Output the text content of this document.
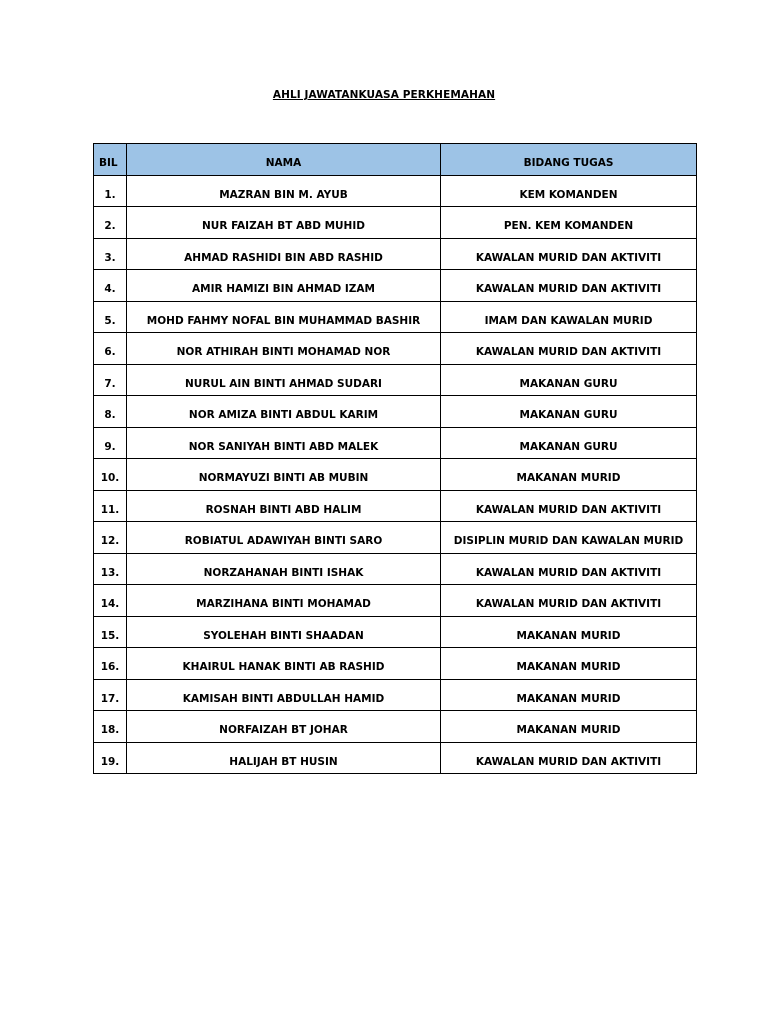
AHLI JAWATANKUASA PERKHEMAHAN
BIL	NAMA	BIDANG TUGAS
1.	MAZRAN BIN M. AYUB	KEM KOMANDEN
2.	NUR FAIZAH BT ABD MUHID	PEN. KEM KOMANDEN
3.	AHMAD RASHIDI BIN ABD RASHID	KAWALAN MURID DAN AKTIVITI
4.	AMIR HAMIZI BIN AHMAD IZAM	KAWALAN MURID DAN AKTIVITI
5.	MOHD FAHMY NOFAL BIN MUHAMMAD BASHIR	IMAM DAN KAWALAN MURID
6.	NOR ATHIRAH BINTI MOHAMAD NOR	KAWALAN MURID DAN AKTIVITI
7.	NURUL AIN BINTI AHMAD SUDARI	MAKANAN GURU
8.	NOR AMIZA BINTI ABDUL KARIM	MAKANAN GURU
9.	NOR SANIYAH BINTI ABD MALEK	MAKANAN GURU
10.	NORMAYUZI BINTI AB MUBIN	MAKANAN MURID
11.	ROSNAH BINTI ABD HALIM	KAWALAN MURID DAN AKTIVITI
12.	ROBIATUL ADAWIYAH BINTI SARO	DISIPLIN MURID DAN KAWALAN MURID
13.	NORZAHANAH BINTI ISHAK	KAWALAN MURID DAN AKTIVITI
14.	MARZIHANA BINTI MOHAMAD	KAWALAN MURID DAN AKTIVITI
15.	SYOLEHAH BINTI SHAADAN	MAKANAN MURID
16.	KHAIRUL HANAK BINTI AB RASHID	MAKANAN MURID
17.	KAMISAH BINTI ABDULLAH HAMID	MAKANAN MURID
18.	NORFAIZAH BT JOHAR	MAKANAN MURID
19.	HALIJAH BT HUSIN	KAWALAN MURID DAN AKTIVITI
